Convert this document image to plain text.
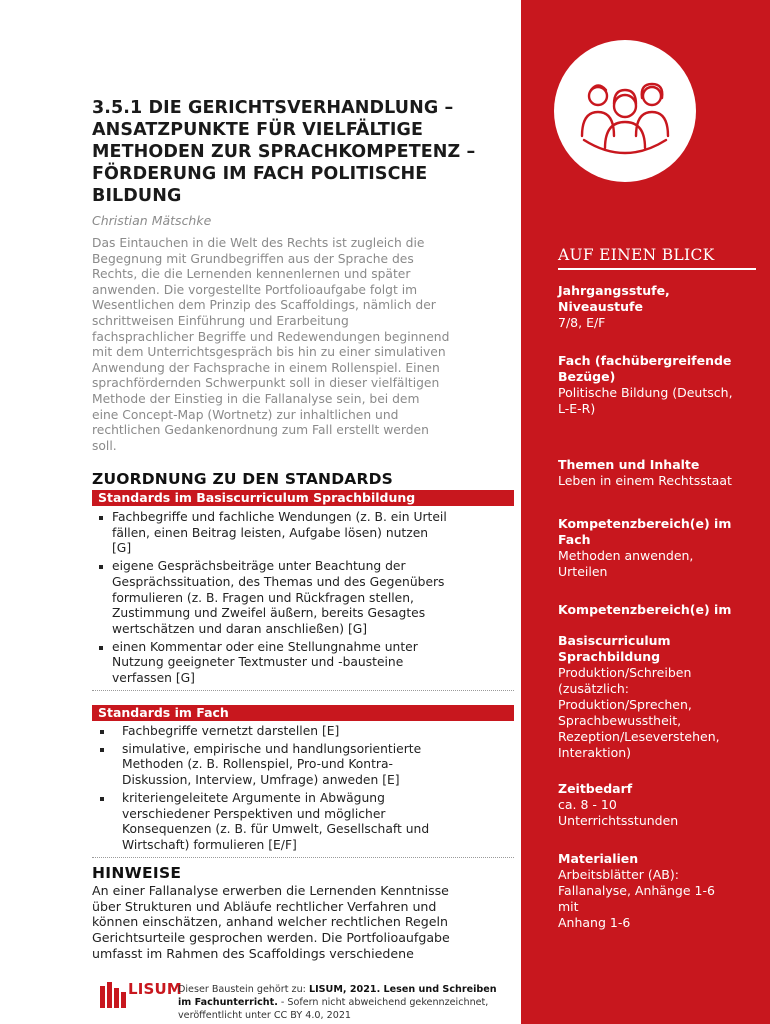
3.5.1 DIE GERICHTSVERHANDLUNG –
ANSATZPUNKTE FÜR VIELFÄLTIGE
METHODEN ZUR SPRACHKOMPETENZ –
FÖRDERUNG IM FACH POLITISCHE
BILDUNG
Christian Mätschke
Das Eintauchen in die Welt des Rechts ist zugleich die
Begegnung mit Grundbegriffen aus der Sprache des
Rechts, die die Lernenden kennenlernen und später
anwenden. Die vorgestellte Portfolioaufgabe folgt im
Wesentlichen dem Prinzip des Scaffoldings, nämlich der
schrittweisen Einführung und Erarbeitung
fachsprachlicher Begriffe und Redewendungen beginnend
mit dem Unterrichtsgespräch bis hin zu einer simulativen
Anwendung der Fachsprache in einem Rollenspiel. Einen
sprachfördernden Schwerpunkt soll in dieser vielfältigen
Methode der Einstieg in die Fallanalyse sein, bei dem
eine Concept-Map (Wortnetz) zur inhaltlichen und
rechtlichen Gedankenordnung zum Fall erstellt werden
soll.
ZUORDNUNG ZU DEN STANDARDS
Standards im Basiscurriculum Sprachbildung
Fachbegriffe und fachliche Wendungen (z. B. ein Urteil
fällen, einen Beitrag leisten, Aufgabe lösen) nutzen
[G]
eigene Gesprächsbeiträge unter Beachtung der
Gesprächssituation, des Themas und des Gegenübers
formulieren (z. B. Fragen und Rückfragen stellen,
Zustimmung und Zweifel äußern, bereits Gesagtes
wertschätzen und daran anschließen) [G]
einen Kommentar oder eine Stellungnahme unter
Nutzung geeigneter Textmuster und -bausteine
verfassen [G]
Standards im Fach
Fachbegriffe vernetzt darstellen [E]
simulative, empirische und handlungsorientierte
Methoden (z. B. Rollenspiel, Pro-und Kontra-
Diskussion, Interview, Umfrage) anweden [E]
kriteriengeleitete Argumente in Abwägung
verschiedener Perspektiven und möglicher
Konsequenzen (z. B. für Umwelt, Gesellschaft und
Wirtschaft) formulieren [E/F]
HINWEISE
An einer Fallanalyse erwerben die Lernenden Kenntnisse
über Strukturen und Abläufe rechtlicher Verfahren und
können einschätzen, anhand welcher rechtlichen Regeln
Gerichtsurteile gesprochen werden. Die Portfolioaufgabe
umfasst im Rahmen des Scaffoldings verschiedene
LISUM
Dieser Baustein gehört zu: LISUM, 2021. Lesen und Schreiben
im Fachunterricht. - Sofern nicht abweichend gekennzeichnet,
veröffentlicht unter CC BY 4.0, 2021
AUF EINEN BLICK
Jahrgangsstufe,
Niveaustufe
7/8, E/F
Fach (fachübergreifende
Bezüge)
Politische Bildung (Deutsch,
L-E-R)
Themen und Inhalte
Leben in einem Rechtsstaat
Kompetenzbereich(e) im
Fach
Methoden anwenden,
Urteilen
Kompetenzbereich(e) im
Basiscurriculum
Sprachbildung
Produktion/Schreiben
(zusätzlich:
Produktion/Sprechen,
Sprachbewusstheit,
Rezeption/Leseverstehen,
Interaktion)
Zeitbedarf
ca. 8 - 10
Unterrichtsstunden
Materialien
Arbeitsblätter (AB):
Fallanalyse, Anhänge 1-6
mit
Anhang 1-6
